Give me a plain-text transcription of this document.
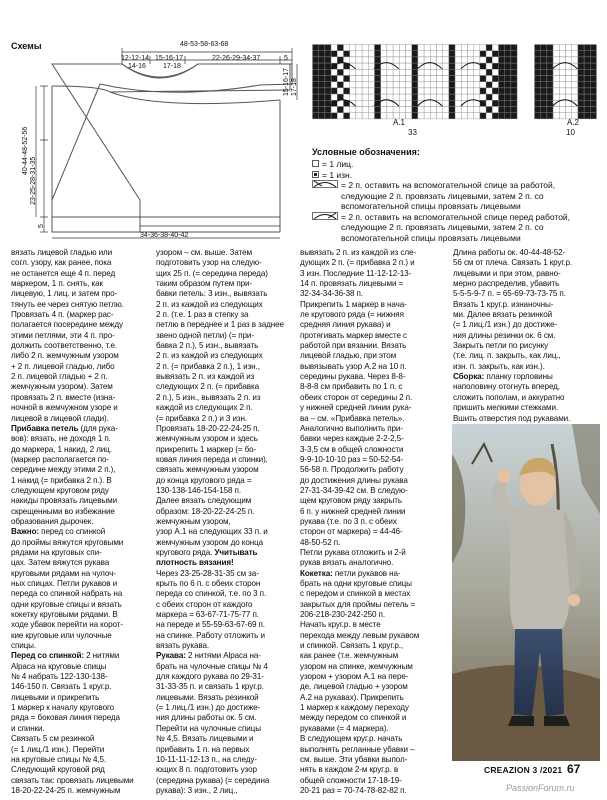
Схемы	48-53-58-63-68
12-12-14
14-16
15-16-17
17-18
22-26-29-34-37	5
15-16-17 17-18
40-44-48-52-56
23-25-28-31-35
5
34-36-38-40-42
A.1
33
A.2
10
Условные обозначения:
= 1 лиц.
= 1 изн.
= 2 п. оставить на вспомогательной спице за работой, следующие 2 п. провязать лицевыми, затем 2 п. со вспомогательной спицы провязать лицевыми
= 2 п. оставить на вспомогательной спице перед работой, следующие 2 п. провязать лицевыми, затем 2 п. со вспомогательной спицы провязать лицевыми

вязать лицевой гладью или

согл. узору, как ранее, пока

не останется еще 4 п. перед

маркером, 1 п. снять, как

лицевую, 1 лиц. и затем про-

тянуть ее через снятую петлю.

Провязать 4 п. (маркер рас-

полагается посередине между

этими петлями, эти 4 п. про-

должить соответственно, т.е.

либо 2 п. жемчужным узором

+ 2 п. лицевой гладью, либо

2 п. лицевой гладью + 2 п.

жемчужным узором). Затем

провязать 2 п. вместе (изна-

ночной в жемчужном узоре и

лицевой в лицевой глади).

Прибавка петель (для рука-

вов): вязать, не доходя 1 п.

до маркера, 1 накид, 2 лиц.

(маркер располагается по-

середине между этими 2 п.),

1 накид (= прибавка 2 п.). В

следующем круговом ряду

накиды провязать лицевыми

скрещенными во избежание

образования дырочек.

Важно: перед со спинкой

до проймы вяжутся круговыми

рядами на круговых спи-

цах. Затем вяжутся рукава

круговыми рядами на чулоч-

ных спицах. Петли рукавов и

переда со спинкой набрать на

одни круговые спицы и вязать

кокетку круговыми рядами. В

ходе убавок перейти на корот-

кие круговые или чулочные

спицы.

Перед со спинкой: 2 нитями

Alpaca на круговые спицы

№ 4 набрать 122-130-138-

146-150 п. Связать 1 круг.р.

лицевыми и прикрепить

1 маркер к началу кругового

ряда = боковая линия переда

и спинки.

Связать 5 см резинкой

(= 1 лиц./1 изн.). Перейти

на круговые спицы № 4,5.

Следующий круговой ряд

связать так: провязать лицевыми

18-20-22-24-25 п. жемчужным

узором – см. выше. Затем

подготовить узор на следую-

щих 25 п. (= середина переда)

таким образом путем при-

бавки петель: 3 изн., вывязать

2 п. из каждой из следующих

2 п. (т.е. 1 раз в степку за

петлю в переднее и 1 раз в заднее

звено одной петли) (= при-

бавка 2 п.), 5 изн., вывязать

2 п. из каждой из следующих

2 п. (= прибавка 2 п.), 1 изн.,

вывязать 2 п. из каждой из

следующих 2 п. (= прибавка

2 п.), 5 изн., вывязать 2 п. из

каждой из следующих 2 п.

(= прибавка 2 п.) и 3 изн.

Провязать 18-20-22-24-25 п.

жемчужным узором и здесь

прикрепить 1 маркер (= бо-

ковая линия переда и спинки),

связать жемчужным узором

до конца кругового ряда =

130-138-146-154-158 п.

Далее вязать следующим

образом: 18-20-22-24-25 п.

жемчужным узором,

узор А.1 на следующих 33 п. и

жемчужным узором до конца

кругового ряда. Учитывать

плотность вязания!

Через 23-25-28-31-35 см за-

крыть по 6 п. с обеих сторон

переда со спинкой, т.е. по 3 п.

с обеих сторон от каждого

маркера = 63-67-71-75-77 п.

на переде и 55-59-63-67-69 п.

на спинке. Работу отложить и

вязать рукава.

Рукава: 2 нитями Alpaca на-

брать на чулочные спицы № 4

для каждого рукава по 29-31-

31-33-35 п. и связать 1 круг.р.

лицевыми. Вязать резинкой

(= 1 лиц./1 изн.) до достиже-

ния длины работы ок. 5 см.

Перейти на чулочные спицы

№ 4,5. Вязать лицевыми и

прибавить 1 п. на первых

10-11-11-12-13 п., на следу-

ющих 8 п. подготовить узор

(середина рукава) (= середина

рукава): 3 изн., 2 лиц.,

вывязать 2 п. из каждой из сле-

дующих 2 п. (= прибавка 2 п.) и

3 изн. Последние 11-12-12-13-

14 п. провязать лицевыми =

32-34-34-36-38 п.

Прикрепить 1 маркер в нача-

ле кругового ряда (= нижняя

средняя линия рукава) и

протягивать маркер вместе с

работой при вязании. Вязать

лицевой гладью, при этом

вывязывать узор А.2 на 10 п.

середины рукава. Через 8-8-

8-8-8 см прибавить по 1 п. с

обеих сторон от середины 2 п.

у нижней средней линии рука-

ва – см. «Прибавка петель».

Аналогично выполнить при-

бавки через каждые 2-2-2,5-

3-3,5 см в общей сложности

9-9-10-10-10 раз = 50-52-54-

56-58 п. Продолжить работу

до достижения длины рукава

27-31-34-39-42 см. В следую-

щем круговом ряду закрыть

6 п. у нижней средней линии

рукава (т.е. по 3 п. с обеих

сторон от маркера) = 44-46-

48-50-52 п.

Петли рукава отложить и 2-й

рукав вязать аналогично.

Кокетка: петли рукавов на-

брать на одни круговые спицы

с передом и спинкой в местах

закрытых для проймы петель =

206-218-230-242-250 п.

Начать круг.р. в месте

перехода между левым рукавом

и спинкой. Связать 1 круг.р.,

как ранее (т.е. жемчужным

узором на спинке, жемчужным

узором + узором А.1 на пере-

де, лицевой гладью + узором

А.2 на рукавах). Прикрепить

1 маркер к каждому переходу

между передом со спинкой и

рукавами (= 4 маркера).

В следующем круг.р. начать

выполнять регланные убавки –

см. выше. Эти убавки выпол-

нять в каждом 2-м круг.р. в

общей сложности 17-18-19-

20-21 раз = 70-74-78-82-82 п.

Длина работы ок. 40-44-48-52-

56 см от плеча. Связать 1 круг.р.

лицевыми и при этом, равно-

мерно распределив, убавить

5-5-5-9-7 п. = 65-69-73-73-75 п.

Вязать 1 круг.р. изнаночны-

ми. Далее вязать резинкой

(= 1 лиц./1 изн.) до достиже-

ния длины резинки ок. 6 см.

Закрыть петли по рисунку

(т.е. лиц. п. закрыть, как лиц.,

изн. п. закрыть, как изн.).

Сборка: планку горловины

наполовину отогнуть вперед,

сложить пополам, и аккуратно

пришить мелкими стежками.

Вшить отверстия под рукавами.

CREAZION 3 /2021 67
PassionForum.ru
